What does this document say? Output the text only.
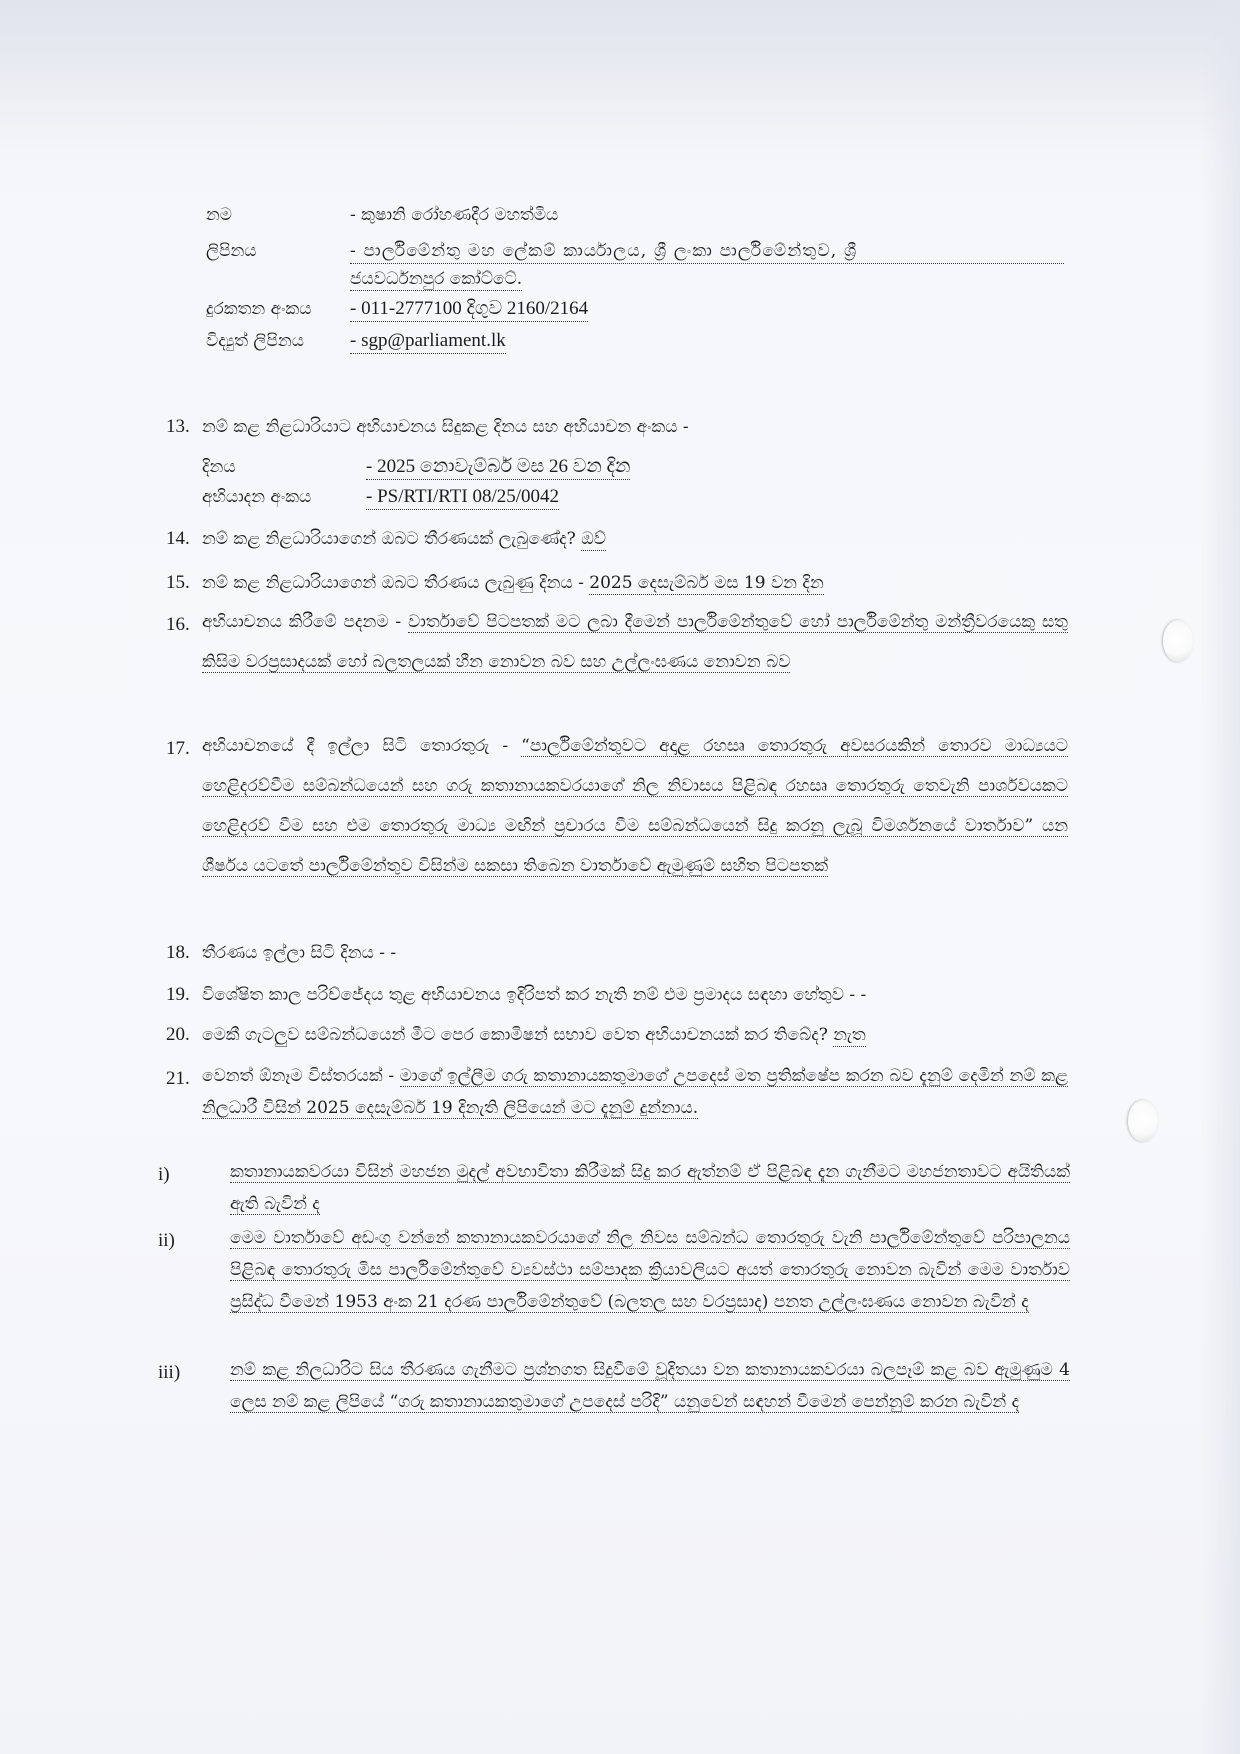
නම	- කුෂානි රෝහණදීර මහත්මිය
ලිපිනය	- පාර්ලිමේන්තු මහ ලේකම් කාර්යාලය, ශ්‍රී ලංකා පාර්ලිමේන්තුව, ශ්‍රී
ජයවර්ධනපුර කෝට්ටේ.
දුරකතන අංකය - 011-2777100 දිගුව 2160/2164
විද්‍යුත් ලිපිනය - sgp@parliament.lk
13. නම් කළ නිළධාරියාට අභියාචනය සිදුකළ දිනය සහ අභියාචන අංකය -
දිනය	- 2025 නොවැම්බර් මස 26 වන දින
අභියාදන අංකය	- PS/RTI/RTI 08/25/0042
14. නම් කළ නිළධාරියාගෙන් ඔබට තීරණයක් ලැබුණේද? ඔව්
15. නම් කළ නිළධාරියාගෙන් ඔබට තීරණය ලැබුණු දිනය - 2025 දෙසැම්බර් මස 19 වන දින
16. අභියාචනය කිරීමේ පදනම - වාර්තාවේ පිටපතක් මට ලබා දීමෙන් පාර්ලිමේන්තුවේ හෝ පාර්ලිමේන්තු මන්ත්‍රීවරයෙකු සතු කිසිම වරප්‍රසාදයක් හෝ බලතලයක් හීන නොවන බව සහ උල්ලංඝණය නොවන බව
17. අභියාචනයේ දී ඉල්ලා සිටි තොරතුරු - “පාර්ලිමේන්තුවට අදාළ රහසෘ තොරතුරු අවසරයකින් තොරව මාධ්‍යයට හෙළිදරව්වීම සම්බන්ධයෙන් සහ ගරු කතානායකවරයාගේ නිල නිවාසය පිළිබඳ රහසෘ තොරතුරු තෙවැනි පාර්ශවයකට හෙළිදරව් වීම සහ එම තොරතුරු මාධ්‍ය මඟින් ප්‍රචාරය වීම සම්බන්ධයෙන් සිදු කරනු ලැබූ විමර්ශනයේ වාර්තාව” යන ශීර්ෂය යටතේ පාර්ලිමේන්තුව විසින්ම සකසා තිබෙන වාර්තාවේ ඇමුණුම් සහිත පිටපතක්
18. තීරණය ඉල්ලා සිටි දිනය - -
19. විශේෂිත කාල පරිච්ජේදය තුළ අභියාචනය ඉදිරිපත් කර නැති නම් එම ප්‍රමාදය සඳහා හේතුව - -
20. මෙකී ගැටලුව සම්බන්ධයෙන් මීට පෙර කොමිෂන් සභාව වෙත අභියාචනයක් කර තිබේද? නැත
21. වෙනත් ඕනෑම විස්තරයක් - මාගේ ඉල්ලීම ගරු කතානායකතුමාගේ උපදෙස් මත ප්‍රතික්ෂේප කරන බව දැනුම් දෙමින් නම් කළ නිලධාරී විසින් 2025 දෙසැම්බර් 19 දිනැති ලිපියෙන් මට දැනුම් දුන්නාය.
i)	කතානායකවරයා විසින් මහජන මුදල් අවභාවිතා කිරීමක් සිදු කර ඇත්නම් ඒ පිළිබඳ දැන ගැනීමට මහජනතාවට අයිතියක් ඇති බැවින් ද
ii)	මෙම වාර්තාවේ අඩංගු වන්නේ කතානායකවරයාගේ නිල නිවස සම්බන්ධ තොරතුරු වැනි පාර්ලිමේන්තුවේ පරිපාලනය පිළිබඳ තොරතුරු මිස පාර්ලිමේන්තුවේ ව්‍යවස්ථා සම්පාදක ක්‍රියාවලියට අයත් තොරතුරු නොවන බැවින් මෙම වාර්තාව ප්‍රසිද්ධ වීමෙන් 1953 අංක 21 දරණ පාර්ලිමේන්තුවේ (බලතල සහ වරප්‍රසාද) පනත උල්ලංඝණය නොවන බැවින් ද
iii)	නම් කළ නිලධාරිට සිය තීරණය ගැනීමට ප්‍රශ්නගත සිදුවීමේ වූදිතයා වන කතානායකවරයා බලපෑම් කළ බව ඇමුණුම 4 ලෙස නම් කළ ලිපියේ “ගරු කතානායකතුමාගේ උපදෙස් පරිදි” යනුවෙන් සඳහන් වීමෙන් පෙන්නුම් කරන බැවින් ද
